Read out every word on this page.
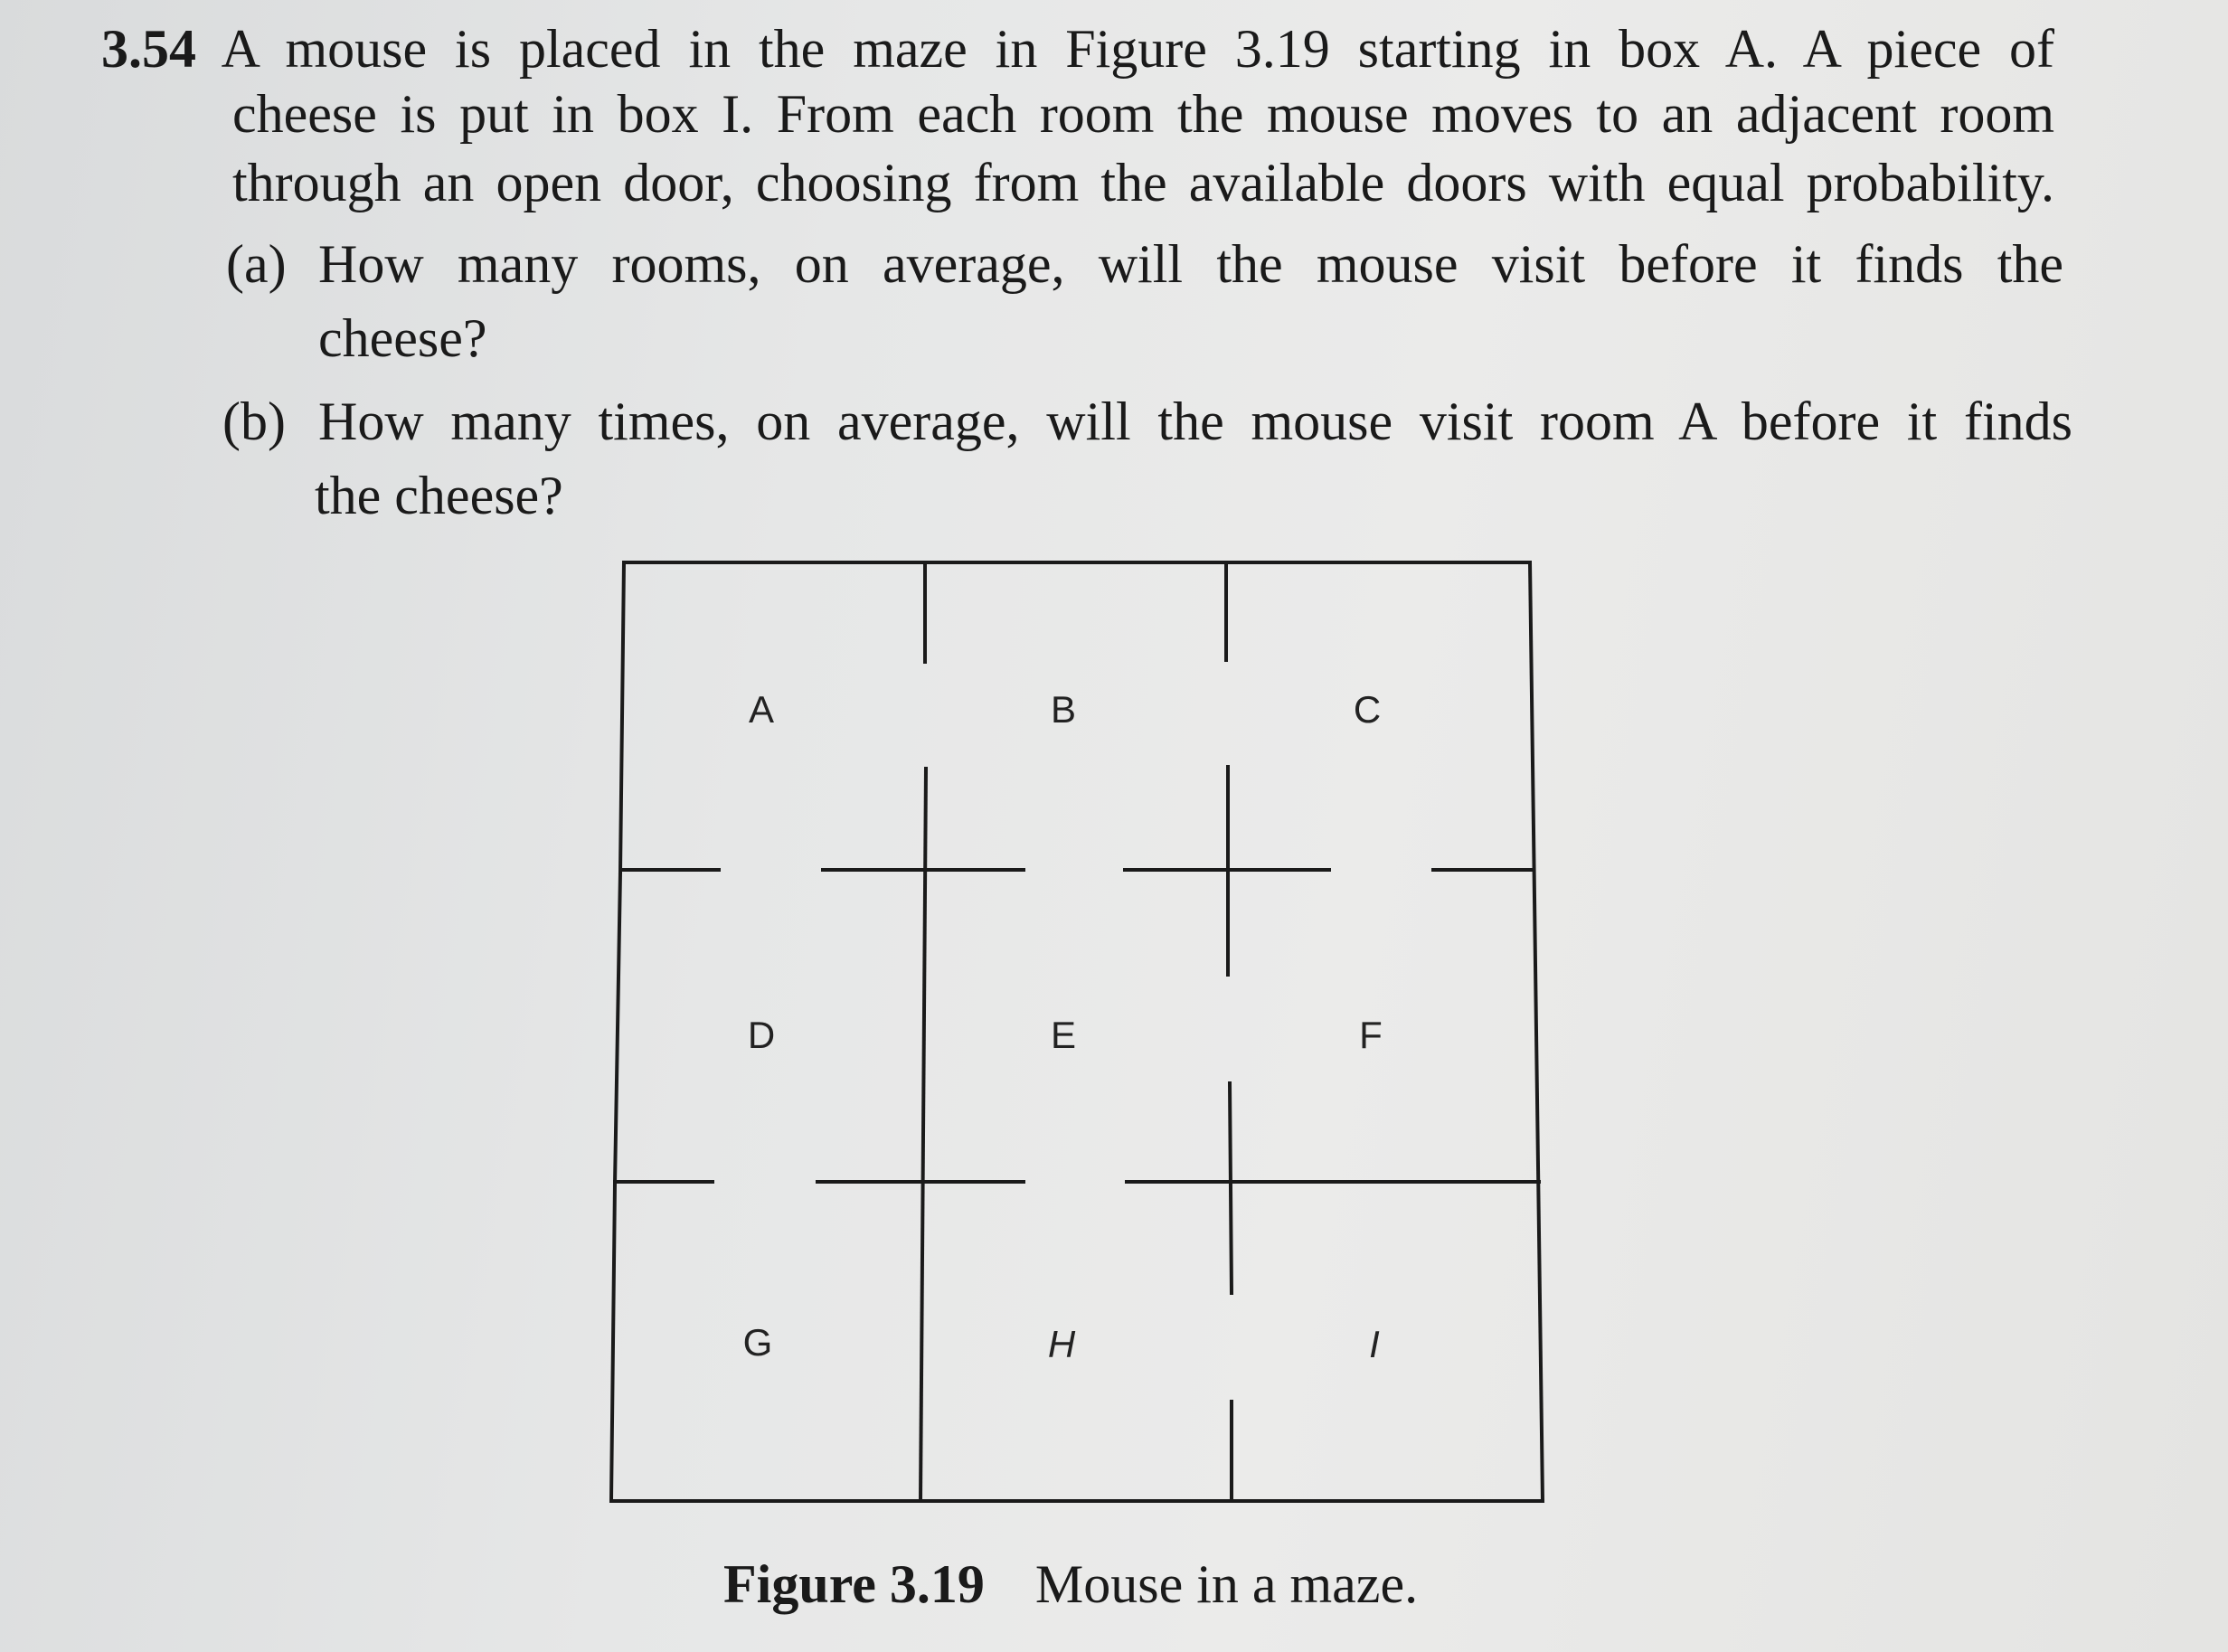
3.54 A mouse is placed in the maze in Figure 3.19 starting in box A. A piece of
cheese is put in box I. From each room the mouse moves to an adjacent room
through an open door, choosing from the available doors with equal probability.
(a) How many rooms, on average, will the mouse visit before it finds the
cheese?
(b) How many times, on average, will the mouse visit room A before it finds
the cheese?
A	B	C
D	E	F
G	H	I
Figure 3.19 Mouse in a maze.
